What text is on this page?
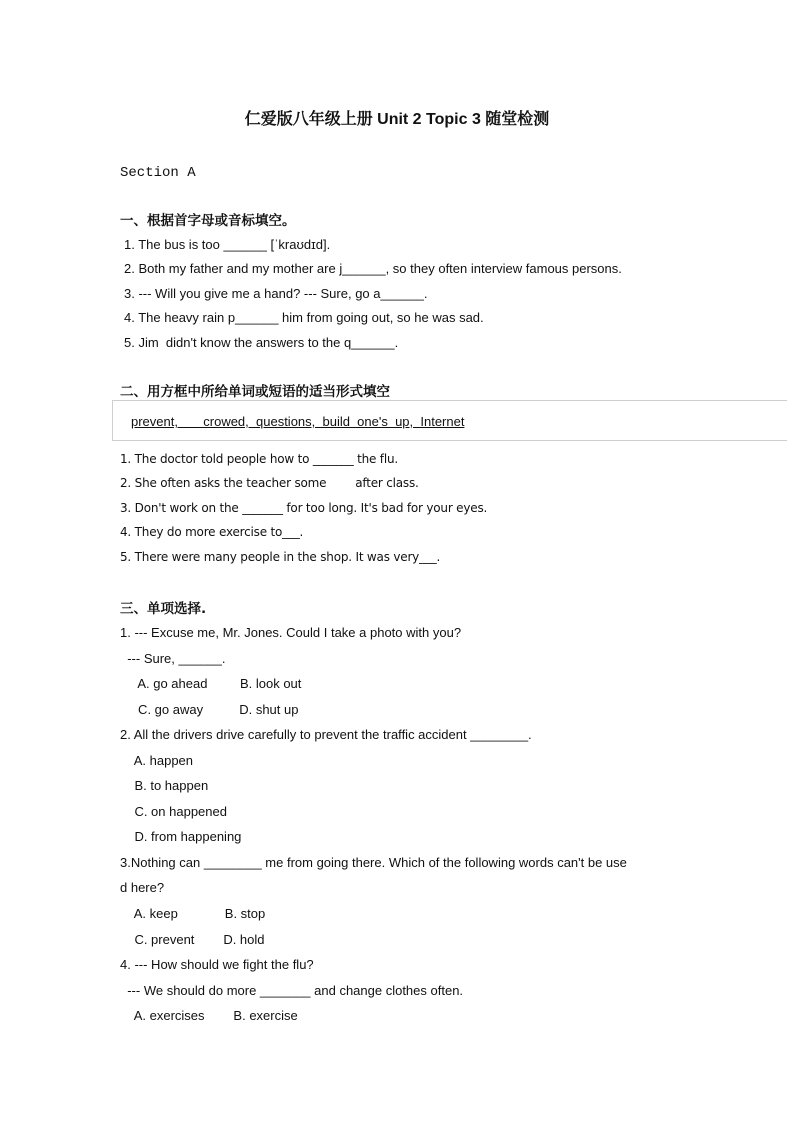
仁爱版八年级上册 Unit 2 Topic 3 随堂检测
Section A
一、根据首字母或音标填空。
1. The bus is too ______ [ˈkraʊdɪd].
2. Both my father and my mother are j______, so they often interview famous persons.
3. --- Will you give me a hand? --- Sure, go a______.
4. The heavy rain p______ him from going out, so he was sad.
5. Jim  didn't know the answers to the q______.
二、用方框中所给单词或短语的适当形式填空
prevent,       crowed,  questions,  build  one's  up,  Internet
1. The doctor told people how to _______ the flu.
2. She often asks the teacher some        after class.
3. Don't work on the _______ for too long. It's bad for your eyes.
4. They do more exercise to___.
5. There were many people in the shop. It was very___.
三、单项选择.
1. --- Excuse me, Mr. Jones. Could I take a photo with you?
--- Sure, ______.
A. go ahead         B. look out
C. go away          D. shut up
2. All the drivers drive carefully to prevent the traffic accident ________.
A. happen
B. to happen
C. on happened
D. from happening
3.Nothing can ________ me from going there. Which of the following words can't be use
d here?
A. keep             B. stop
C. prevent        D. hold
4. --- How should we fight the flu?
--- We should do more _______ and change clothes often.
A. exercises        B. exercise
